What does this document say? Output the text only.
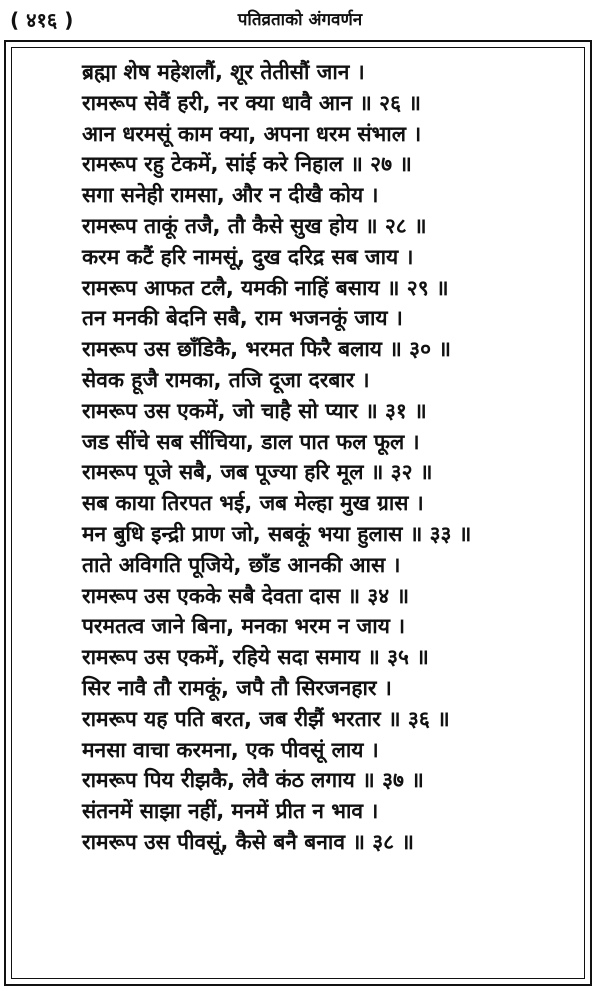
( ४१६ )	पतिव्रताको अंगवर्णन
ब्रह्मा शेष महेशलौं, शूर तेतीसौं जान ।
रामरूप सेवैं हरी, नर क्या धावै आन ॥ २६ ॥
आन धरमसूं काम क्या, अपना धरम संभाल ।
रामरूप रहु टेकमें, सांई करे निहाल ॥ २७ ॥
सगा सनेही रामसा, और न दीखै कोय ।
रामरूप ताकूं तजै, तौ कैसे सुख होय ॥ २८ ॥
करम कटैं हरि नामसूं, दुख दरिद्र सब जाय ।
रामरूप आफत टलै, यमकी नाहिं बसाय ॥ २९ ॥
तन मनकी बेदनि सबै, राम भजनकूं जाय ।
रामरूप उस छाँडिकै, भरमत फिरै बलाय ॥ ३० ॥
सेवक हूजै रामका, तजि दूजा दरबार ।
रामरूप उस एकमें, जो चाहै सो प्यार ॥ ३१ ॥
जड सींचे सब सींचिया, डाल पात फल फूल ।
रामरूप पूजे सबै, जब पूज्या हरि मूल ॥ ३२ ॥
सब काया तिरपत भई, जब मेल्हा मुख ग्रास ।
मन बुधि इन्द्री प्राण जो, सबकूं भया हुलास ॥ ३३ ॥
ताते अविगति पूजिये, छाँड आनकी आस ।
रामरूप उस एकके सबै देवता दास ॥ ३४ ॥
परमतत्व जाने बिना, मनका भरम न जाय ।
रामरूप उस एकमें, रहिये सदा समाय ॥ ३५ ॥
सिर नावै तौ रामकूं, जपै तौ सिरजनहार ।
रामरूप यह पति बरत, जब रीझैं भरतार ॥ ३६ ॥
मनसा वाचा करमना, एक पीवसूं लाय ।
रामरूप पिय रीझकै, लेवै कंठ लगाय ॥ ३७ ॥
संतनमें साझा नहीं, मनमें प्रीत न भाव ।
रामरूप उस पीवसूं, कैसे बनै बनाव ॥ ३८ ॥
